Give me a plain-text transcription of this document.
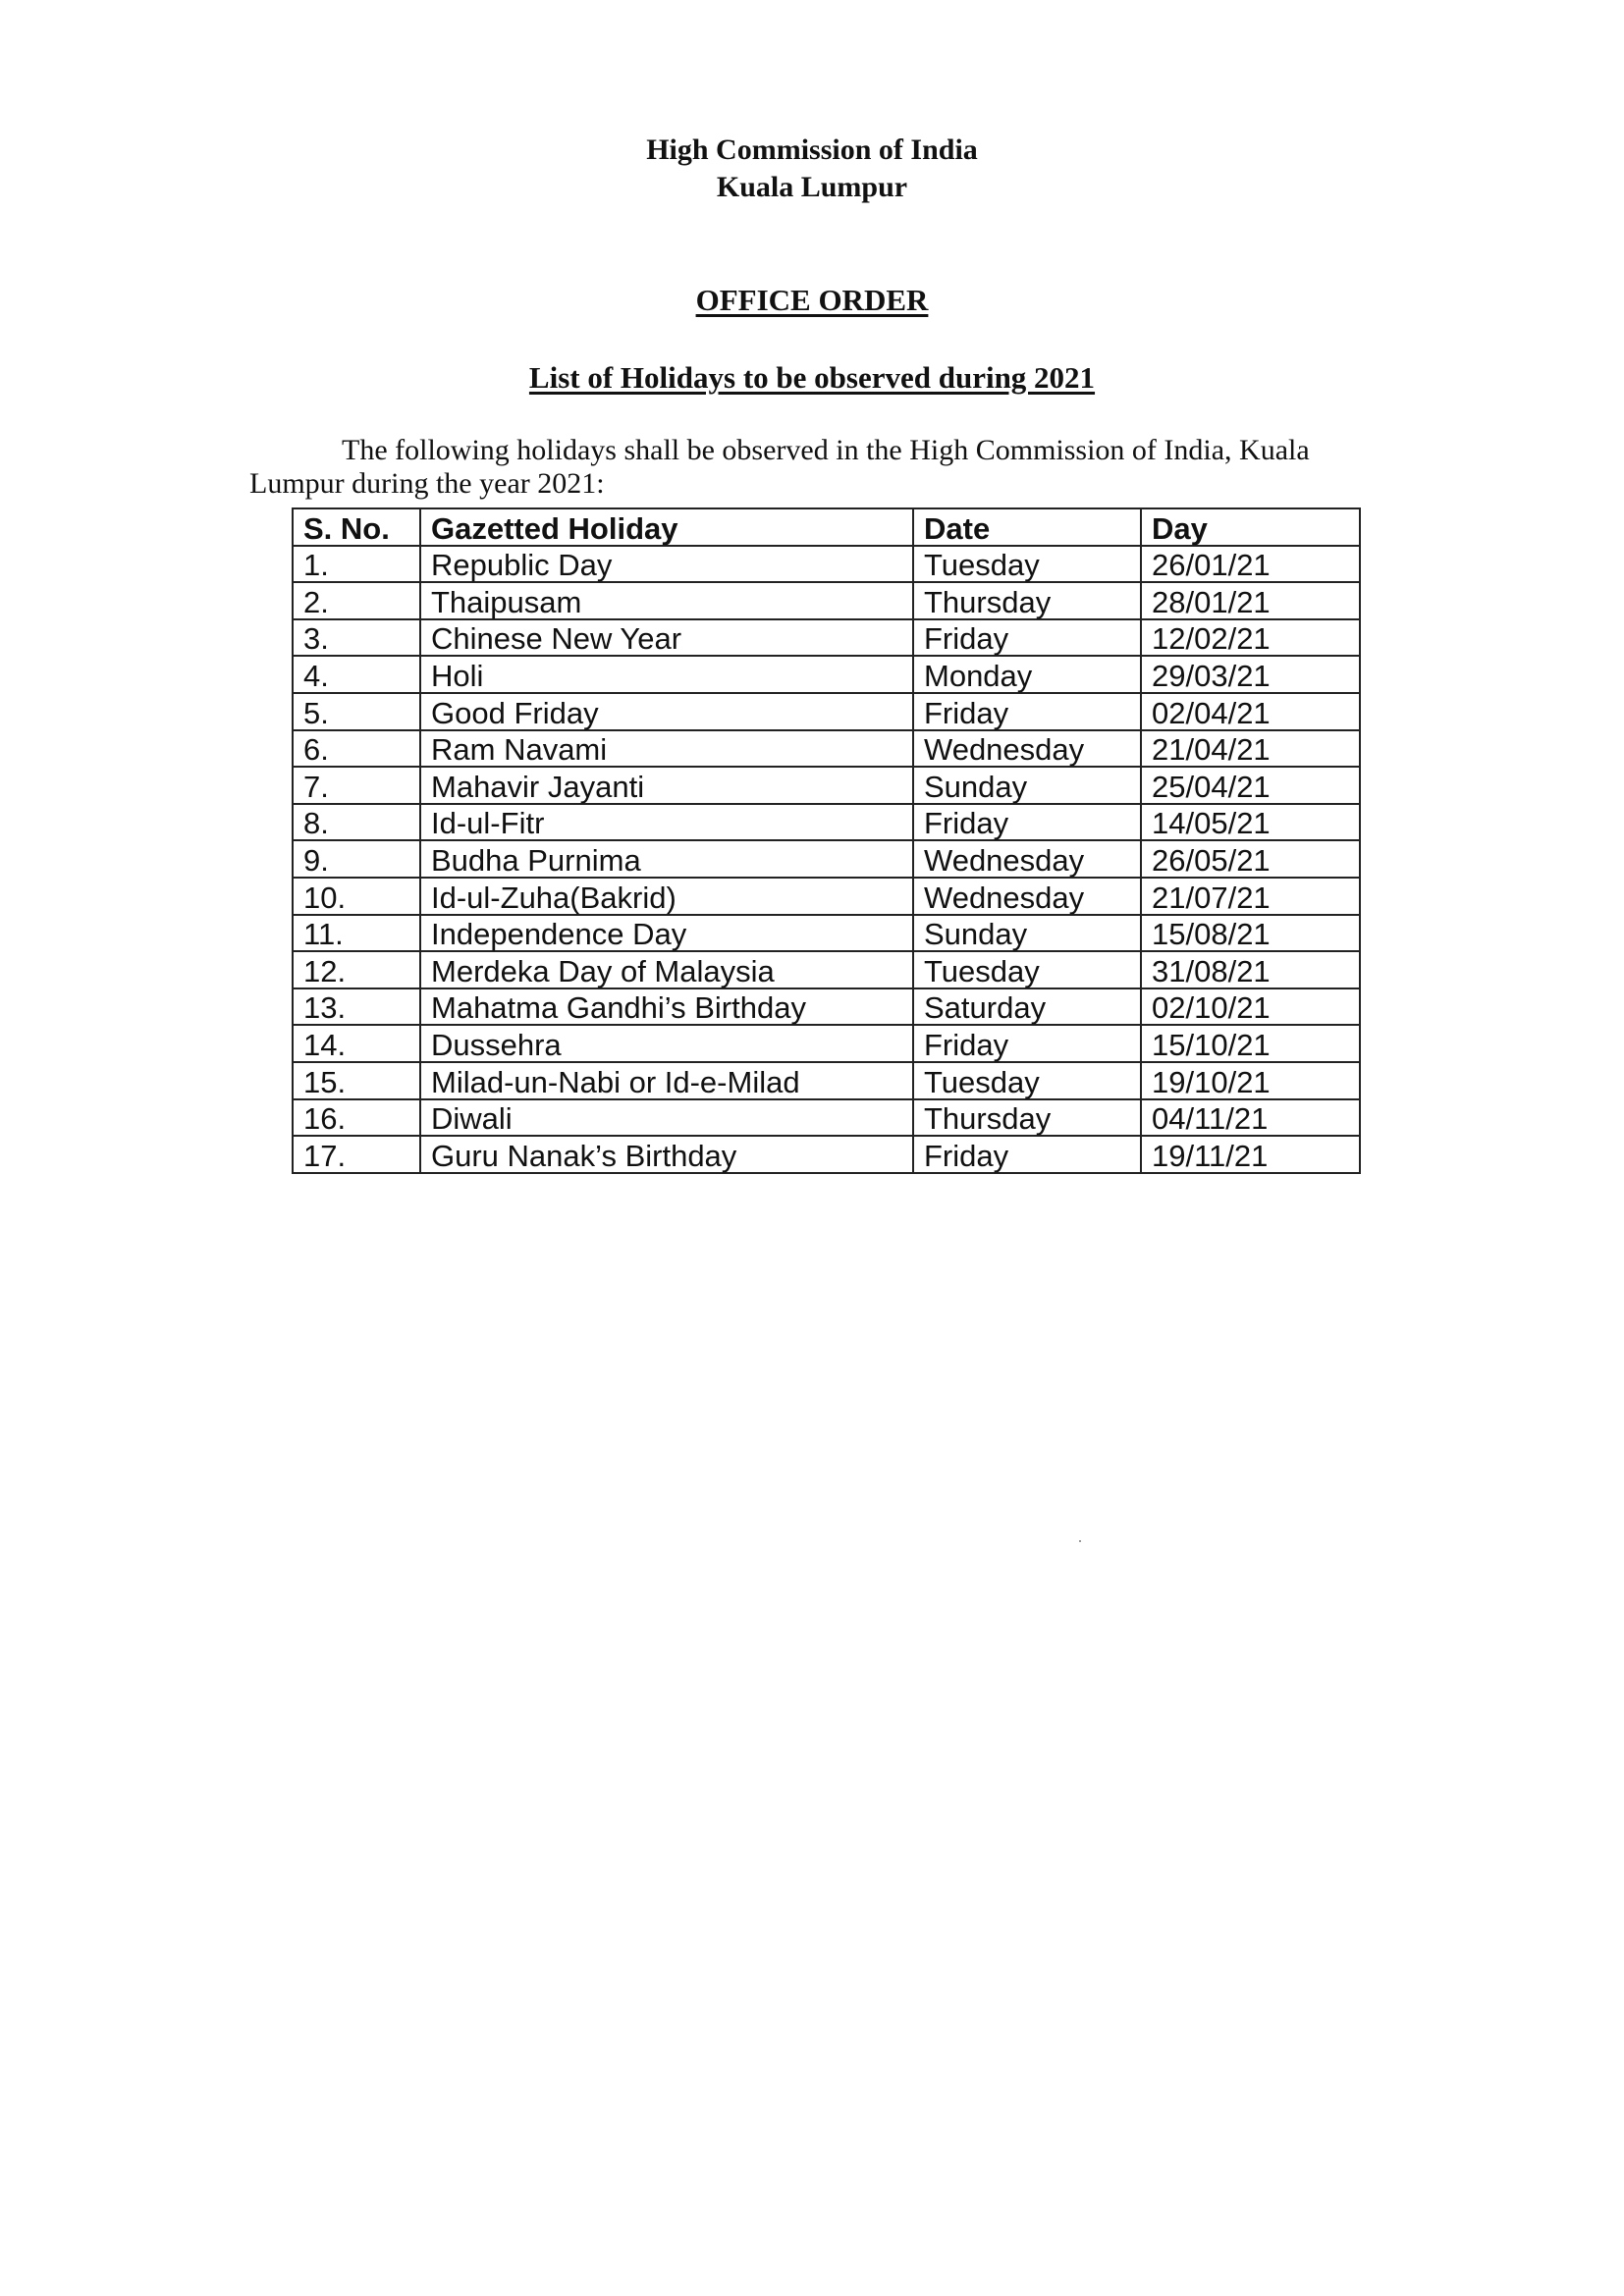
High Commission of India
Kuala Lumpur
OFFICE ORDER
List of Holidays to be observed during 2021
The following holidays shall be observed in the High Commission of India, Kuala Lumpur during the year 2021:
S. No.	Gazetted Holiday	Date	Day
1.	Republic Day	Tuesday	26/01/21
2.	Thaipusam	Thursday	28/01/21
3.	Chinese New Year	Friday	12/02/21
4.	Holi	Monday	29/03/21
5.	Good Friday	Friday	02/04/21
6.	Ram Navami	Wednesday	21/04/21
7.	Mahavir Jayanti	Sunday	25/04/21
8.	Id-ul-Fitr	Friday	14/05/21
9.	Budha Purnima	Wednesday	26/05/21
10.	Id-ul-Zuha(Bakrid)	Wednesday	21/07/21
11.	Independence Day	Sunday	15/08/21
12.	Merdeka Day of Malaysia	Tuesday	31/08/21
13.	Mahatma Gandhi’s Birthday	Saturday	02/10/21
14.	Dussehra	Friday	15/10/21
15.	Milad-un-Nabi or Id-e-Milad	Tuesday	19/10/21
16.	Diwali	Thursday	04/11/21
17.	Guru Nanak’s Birthday	Friday	19/11/21
